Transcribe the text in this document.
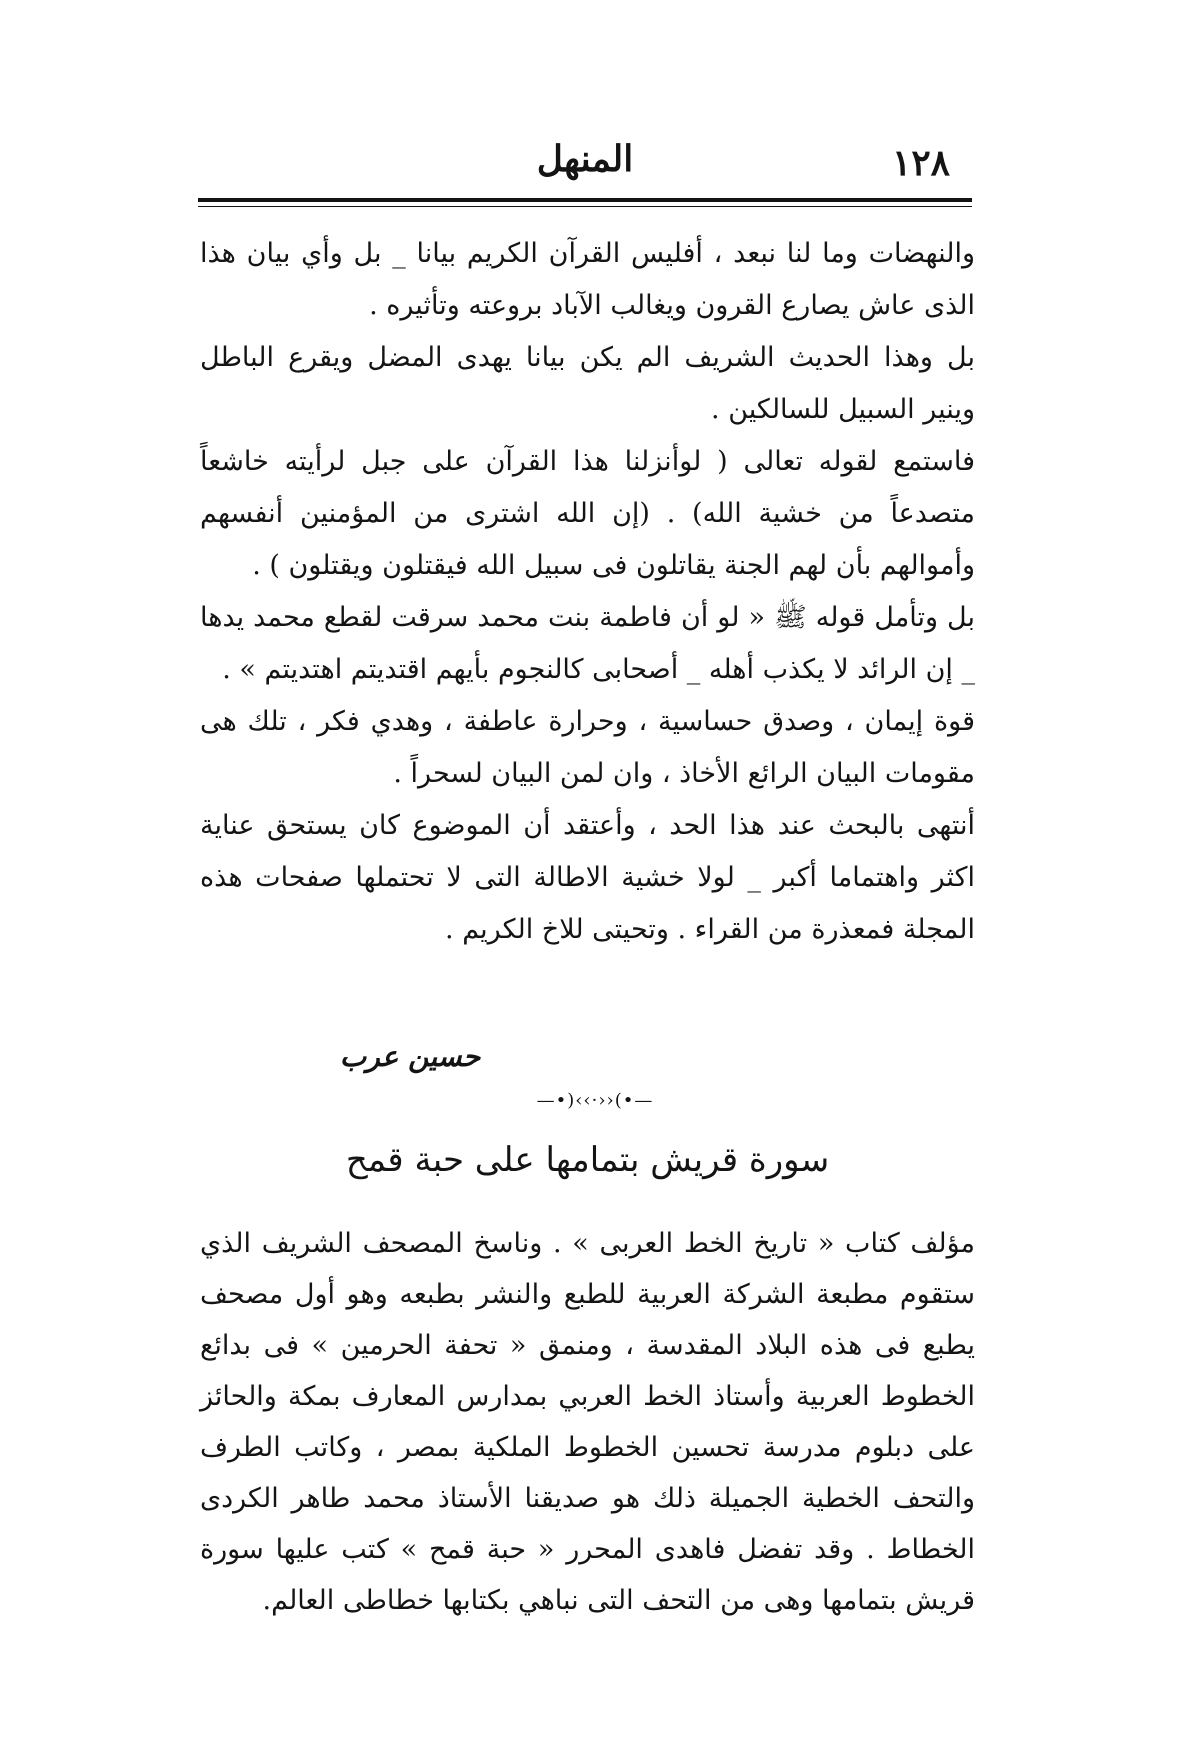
١٢٨
المنهل

والنهضات وما لنا نبعد ، أفليس القرآن الكريم بيانا _ بل وأي بيان هذا الذى عاش يصارع القرون ويغالب الآباد بروعته وتأثيره .

بل وهذا الحديث الشريف الم يكن بيانا يهدى المضل ويقرع الباطل وينير السبيل للسالكين .

فاستمع لقوله تعالى ( لوأنزلنا هذا القرآن على جبل لرأيته خاشعاً متصدعاً من خشية الله) . (إن الله اشترى من المؤمنين أنفسهم وأموالهم بأن لهم الجنة يقاتلون فى سبيل الله فيقتلون ويقتلون ) .

بل وتأمل قوله ﷺ « لو أن فاطمة بنت محمد سرقت لقطع محمد يدها _ إن الرائد لا يكذب أهله _ أصحابى كالنجوم بأيهم اقتديتم اهتديتم » .

قوة إيمان ، وصدق حساسية ، وحرارة عاطفة ، وهدي فكر ، تلك هى مقومات البيان الرائع الأخاذ ، وان لمن البيان لسحراً .

أنتهى بالبحث عند هذا الحد ، وأعتقد أن الموضوع كان يستحق عناية اكثر واهتماما أكبر _ لولا خشية الاطالة التى لا تحتملها صفحات هذه المجلة فمعذرة من القراء . وتحيتى للاخ الكريم .

حسين عرب
—•)‹‹·››(•—
سورة قريش بتمامها على حبة قمح

مؤلف كتاب « تاريخ الخط العربى » . وناسخ المصحف الشريف الذي ستقوم مطبعة الشركة العربية للطبع والنشر بطبعه وهو أول مصحف يطبع فى هذه البلاد المقدسة ، ومنمق « تحفة الحرمين » فى بدائع الخطوط العربية وأستاذ الخط العربي بمدارس المعارف بمكة والحائز على دبلوم مدرسة تحسين الخطوط الملكية بمصر ، وكاتب الطرف والتحف الخطية الجميلة ذلك هو صديقنا الأستاذ محمد طاهر الكردى الخطاط . وقد تفضل فاهدى المحرر « حبة قمح » كتب عليها سورة قريش بتمامها وهى من التحف التى نباهي بكتابها خطاطى العالم.
